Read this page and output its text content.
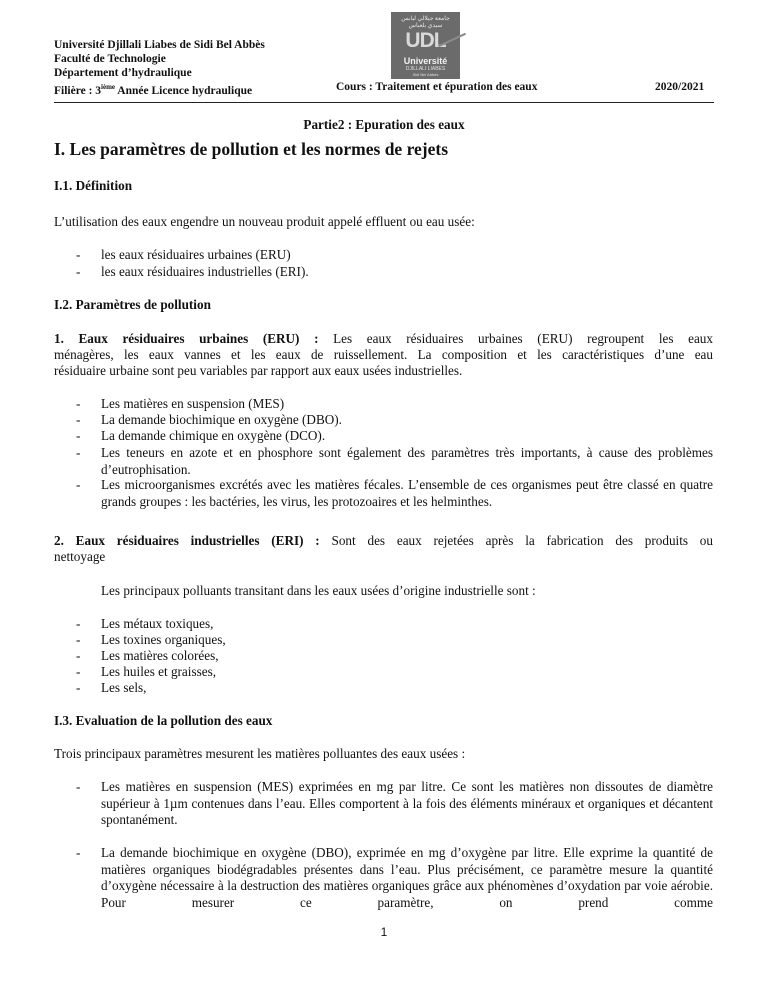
Université Djillali Liabes de Sidi Bel Abbès
Faculté de Technologie
Département d’hydraulique
Filière : 3ième Année Licence hydraulique	Cours : Traitement et épuration des eaux	2020/2021
جامعة جيلالي ليابس
سيدي بلعباس
UDL
Université
DJILLALI LIABES
Sidi Bel Abbès
Partie2 : Epuration des eaux
I. Les paramètres de pollution et les normes de rejets
I.1. Définition
L’utilisation des eaux engendre un nouveau produit appelé effluent ou eau usée:
- les eaux résiduaires urbaines (ERU)
- les eaux résiduaires industrielles (ERI).
I.2. Paramètres de pollution
1. Eaux résiduaires urbaines (ERU) : Les eaux résiduaires urbaines (ERU) regroupent les eaux
ménagères, les eaux vannes et les eaux de ruissellement. La composition et les caractéristiques d’une eau
résiduaire urbaine sont peu variables par rapport aux eaux usées industrielles.
- Les matières en suspension (MES)
- La demande biochimique en oxygène (DBO).
- La demande chimique en oxygène (DCO).
- Les teneurs en azote et en phosphore sont également des paramètres très importants, à cause des problèmes d’eutrophisation.
- Les microorganismes excrétés avec les matières fécales. L’ensemble de ces organismes peut être classé en quatre grands groupes : les bactéries, les virus, les protozoaires et les helminthes.
2. Eaux résiduaires industrielles (ERI) : Sont des eaux rejetées après la fabrication des produits ou
nettoyage
Les principaux polluants transitant dans les eaux usées d’origine industrielle sont :
- Les métaux toxiques,
- Les toxines organiques,
- Les matières colorées,
- Les huiles et graisses,
- Les sels,
I.3. Evaluation de la pollution des eaux
Trois principaux paramètres mesurent les matières polluantes des eaux usées :
- Les matières en suspension (MES) exprimées en mg par litre. Ce sont les matières non dissoutes de diamètre supérieur à 1µm contenues dans l’eau. Elles comportent à la fois des éléments minéraux et organiques et décantent spontanément.
- La demande biochimique en oxygène (DBO), exprimée en mg d’oxygène par litre. Elle exprime la quantité de matières organiques biodégradables présentes dans l’eau. Plus précisément, ce paramètre mesure la quantité d’oxygène nécessaire à la destruction des matières organiques grâce aux phénomènes d’oxydation par voie aérobie. Pour mesurer ce paramètre, on prend comme
1
